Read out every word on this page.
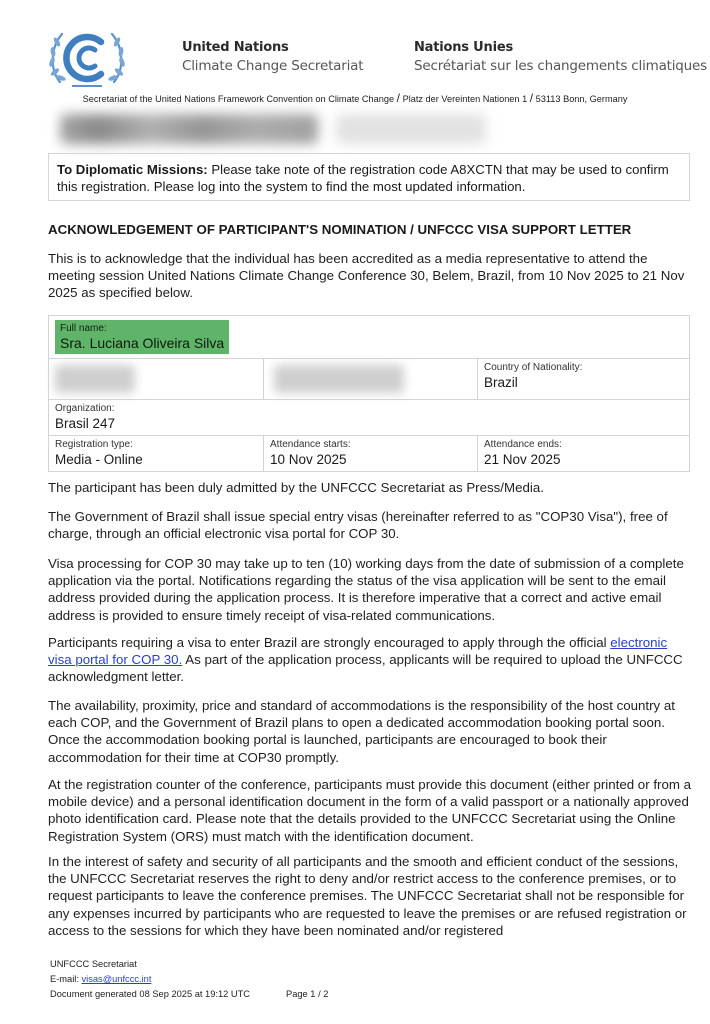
United Nations
Climate Change Secretariat
Nations Unies
Secrétariat sur les changements climatiques
Secretariat of the United Nations Framework Convention on Climate Change / Platz der Vereinten Nationen 1 / 53113 Bonn, Germany
To Diplomatic Missions: Please take note of the registration code A8XCTN that may be used to confirm this registration. Please log into the system to find the most updated information.
ACKNOWLEDGEMENT OF PARTICIPANT'S NOMINATION / UNFCCC VISA SUPPORT LETTER
This is to acknowledge that the individual has been accredited as a media representative to attend the meeting session United Nations Climate Change Conference 30, Belem, Brazil, from 10 Nov 2025 to 21 Nov 2025 as specified below.
Full name:
Sra. Luciana Oliveira Silva
Country of Nationality:
Brazil
Organization:
Brasil 247
Registration type:
Media - Online
Attendance starts:
10 Nov 2025
Attendance ends:
21 Nov 2025
The participant has been duly admitted by the UNFCCC Secretariat as Press/Media.
The Government of Brazil shall issue special entry visas (hereinafter referred to as "COP30 Visa"), free of charge, through an official electronic visa portal for COP 30.
Visa processing for COP 30 may take up to ten (10) working days from the date of submission of a complete application via the portal. Notifications regarding the status of the visa application will be sent to the email address provided during the application process. It is therefore imperative that a correct and active email address is provided to ensure timely receipt of visa-related communications.
Participants requiring a visa to enter Brazil are strongly encouraged to apply through the official electronic visa portal for COP 30. As part of the application process, applicants will be required to upload the UNFCCC acknowledgment letter.
The availability, proximity, price and standard of accommodations is the responsibility of the host country at each COP, and the Government of Brazil plans to open a dedicated accommodation booking portal soon. Once the accommodation booking portal is launched, participants are encouraged to book their accommodation for their time at COP30 promptly.
At the registration counter of the conference, participants must provide this document (either printed or from a mobile device) and a personal identification document in the form of a valid passport or a nationally approved photo identification card. Please note that the details provided to the UNFCCC Secretariat using the Online Registration System (ORS) must match with the identification document.
In the interest of safety and security of all participants and the smooth and efficient conduct of the sessions, the UNFCCC Secretariat reserves the right to deny and/or restrict access to the conference premises, or to request participants to leave the conference premises. The UNFCCC Secretariat shall not be responsible for any expenses incurred by participants who are requested to leave the premises or are refused registration or access to the sessions for which they have been nominated and/or registered
UNFCCC Secretariat
E-mail: visas@unfccc.int
Document generated 08 Sep 2025 at 19:12 UTC	Page 1 / 2
